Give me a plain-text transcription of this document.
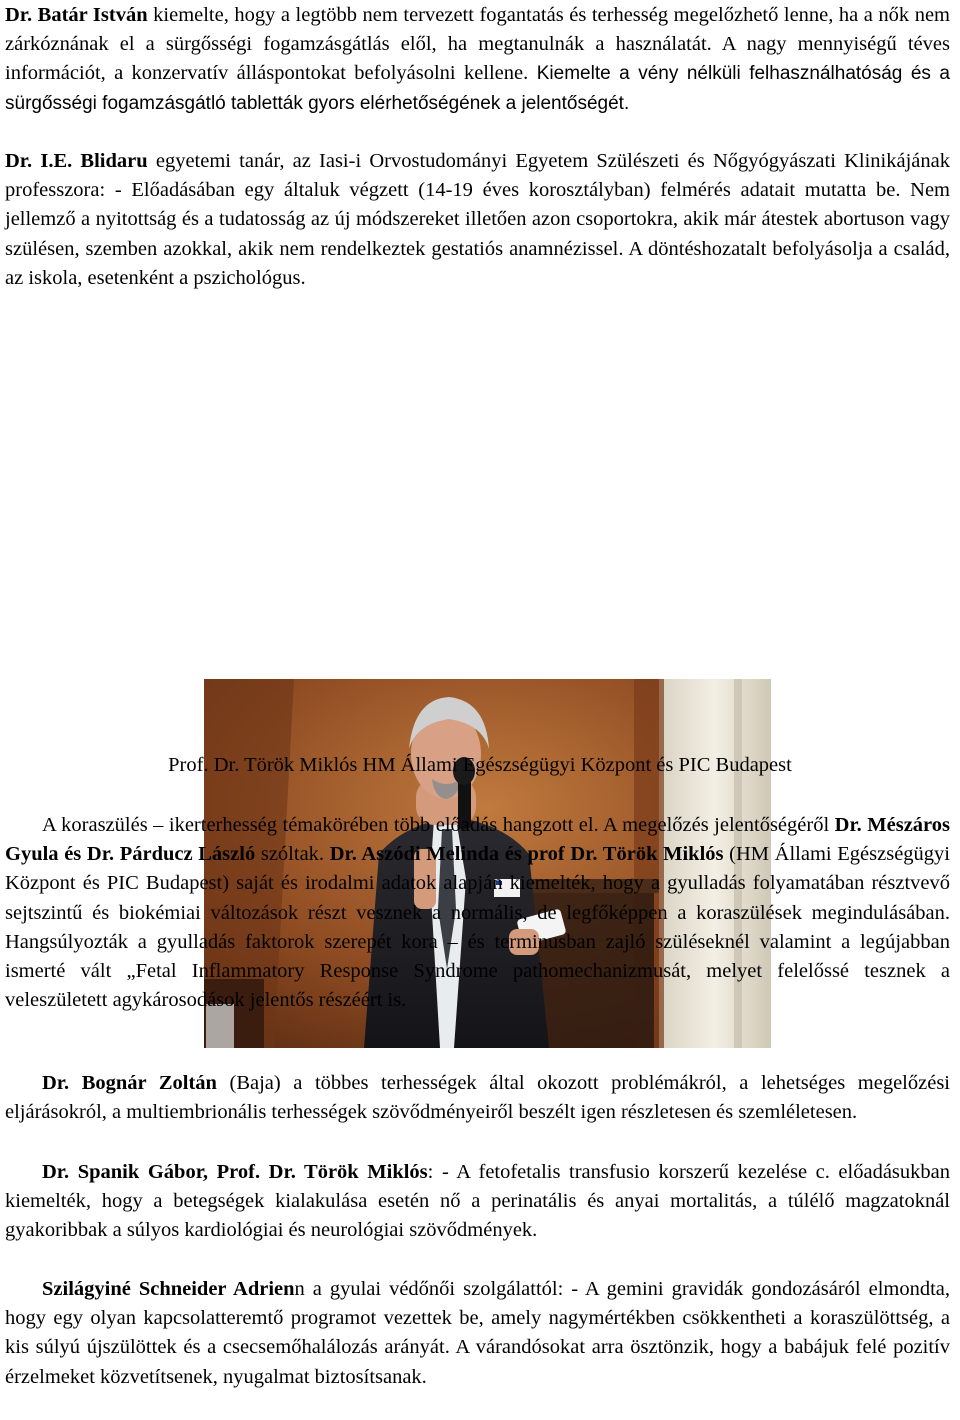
Dr. Batár István kiemelte, hogy a legtöbb nem tervezett fogantatás és terhesség megelőzhető lenne, ha a nők nem zárkóznának el a sürgősségi fogamzásgátlás elől, ha megtanulnák a használatát. A nagy mennyiségű téves információt, a konzervatív álláspontokat befolyásolni kellene. Kiemelte a vény nélküli felhasználhatóság és a sürgősségi fogamzásgátló tabletták gyors elérhetőségének a jelentőségét.

Dr. I.E. Blidaru egyetemi tanár, az Iasi-i Orvostudományi Egyetem Szülészeti és Nőgyógyászati Klinikájának professzora: - Előadásában egy általuk végzett (14-19 éves korosztályban) felmérés adatait mutatta be. Nem jellemző a nyitottság és a tudatosság az új módszereket illetően azon csoportokra, akik már átestek abortuson vagy szülésen, szemben azokkal, akik nem rendelkeztek gestatiós anamnézissel. A döntéshozatalt befolyásolja a család, az iskola, esetenként a pszichológus.

Prof. Dr. Török Miklós HM Állami Egészségügyi Központ és PIC Budapest

A koraszülés – ikerterhesség témakörében több előadás hangzott el. A megelőzés jelentőségéről Dr. Mészáros Gyula és Dr. Párducz László szóltak. Dr. Aszódi Melinda és prof Dr. Török Miklós (HM Állami Egészségügyi Központ és PIC Budapest) saját és irodalmi adatok alapján kiemelték, hogy a gyulladás folyamatában résztvevő sejtszintű és biokémiai változások részt vesznek a normális, de legfőképpen a koraszülések megindulásában. Hangsúlyozták a gyulladás faktorok szerepét kora – és terminusban zajló szüléseknél valamint a legújabban ismerté vált „Fetal Inflammatory Response Syndrome pathomechanizmusát, melyet felelőssé tesznek a veleszületett agykárosodások jelentős részéért is.

Dr. Bognár Zoltán (Baja) a többes terhességek által okozott problémákról, a lehetséges megelőzési eljárásokról, a multiembrionális terhességek szövődményeiről beszélt igen részletesen és szemléletesen.

Dr. Spanik Gábor, Prof. Dr. Török Miklós: - A fetofetalis transfusio korszerű kezelése c. előadásukban kiemelték, hogy a betegségek kialakulása esetén nő a perinatális és anyai mortalitás, a túlélő magzatoknál gyakoribbak a súlyos kardiológiai és neurológiai szövődmények.

Szilágyiné Schneider Adrienn a gyulai védőnői szolgálattól: - A gemini gravidák gondozásáról elmondta, hogy egy olyan kapcsolatteremtő programot vezettek be, amely nagymértékben csökkentheti a koraszülöttség, a kis súlyú újszülöttek és a csecsemőhalálozás arányát. A várandósokat arra ösztönzik, hogy a babájuk felé pozitív érzelmeket közvetítsenek, nyugalmat biztosítsanak.
